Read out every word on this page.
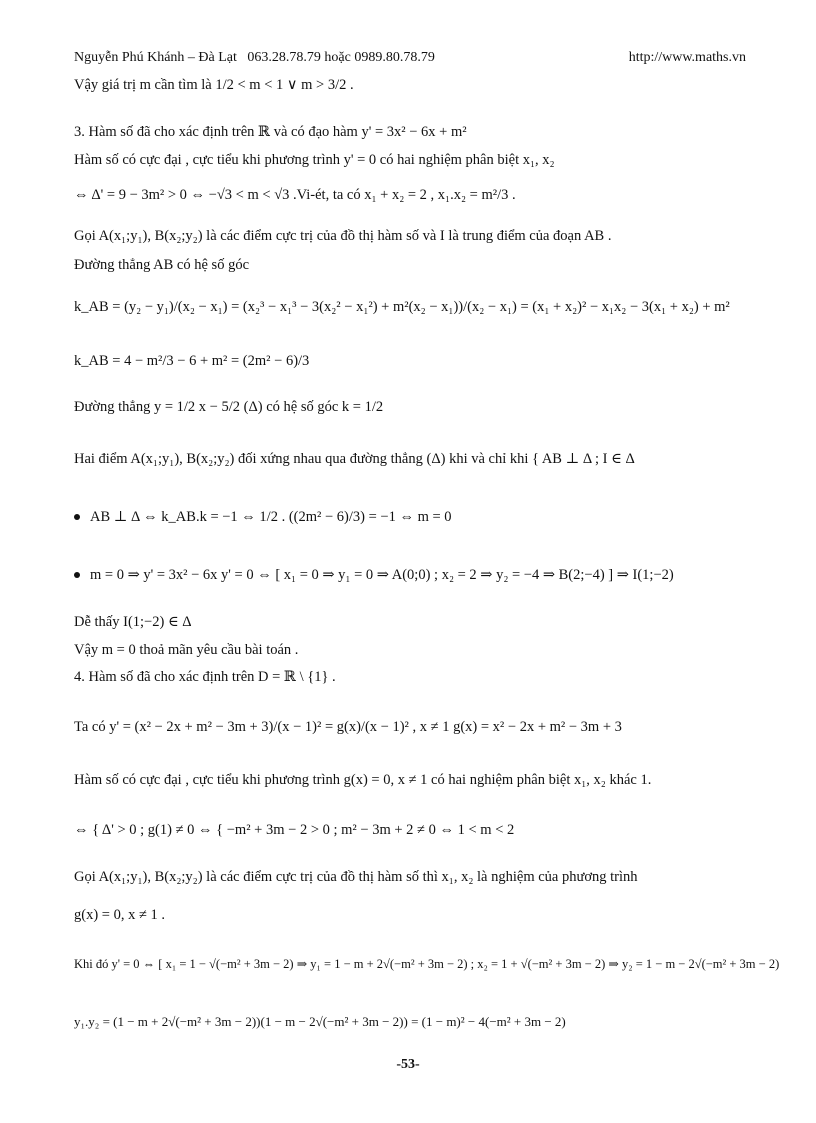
Nguyễn Phú Khánh – Đà Lạt 063.28.78.79 hoặc 0989.80.78.79	http://www.maths.vn
Vậy giá trị m cần tìm là 1/2 < m < 1 ∨ m > 3/2 .
3. Hàm số đã cho xác định trên ℝ và có đạo hàm y' = 3x² − 6x + m²
Hàm số có cực đại , cực tiểu khi phương trình y' = 0 có hai nghiệm phân biệt x₁, x₂
⇔ Δ' = 9 − 3m² > 0 ⇔ −√3 < m < √3 .Vi-ét, ta có x₁ + x₂ = 2 , x₁.x₂ = m²/3 .
Gọi A(x₁;y₁), B(x₂;y₂) là các điểm cực trị của đồ thị hàm số và I là trung điểm của đoạn AB .
Đường thẳng AB có hệ số góc
k_AB = (y₂ − y₁)/(x₂ − x₁) = (x₂³ − x₁³ − 3(x₂² − x₁²) + m²(x₂ − x₁))/(x₂ − x₁) = (x₁ + x₂)² − x₁x₂ − 3(x₁ + x₂) + m²
k_AB = 4 − m²/3 − 6 + m² = (2m² − 6)/3
Đường thẳng y = 1/2 x − 5/2 (Δ) có hệ số góc k = 1/2
Hai điểm A(x₁;y₁), B(x₂;y₂) đối xứng nhau qua đường thẳng (Δ) khi và chỉ khi { AB ⊥ Δ ; I ∈ Δ
AB ⊥ Δ ⇔ k_AB.k = −1 ⇔ 1/2 . ((2m² − 6)/3) = −1 ⇔ m = 0
m = 0 ⇒ y' = 3x² − 6x y' = 0 ⇔ [ x₁ = 0 ⇒ y₁ = 0 ⇒ A(0;0) ; x₂ = 2 ⇒ y₂ = −4 ⇒ B(2;−4) ] ⇒ I(1;−2)
Dễ thấy I(1;−2) ∈ Δ
Vậy m = 0 thoả mãn yêu cầu bài toán .
4. Hàm số đã cho xác định trên D = ℝ \ {1} .
Ta có y' = (x² − 2x + m² − 3m + 3)/(x − 1)² = g(x)/(x − 1)² , x ≠ 1 g(x) = x² − 2x + m² − 3m + 3
Hàm số có cực đại , cực tiểu khi phương trình g(x) = 0, x ≠ 1 có hai nghiệm phân biệt x₁, x₂ khác 1.
⇔ { Δ' > 0 ; g(1) ≠ 0 ⇔ { −m² + 3m − 2 > 0 ; m² − 3m + 2 ≠ 0 ⇔ 1 < m < 2
Gọi A(x₁;y₁), B(x₂;y₂) là các điểm cực trị của đồ thị hàm số thì x₁, x₂ là nghiệm của phương trình
g(x) = 0, x ≠ 1 .
Khi đó y' = 0 ⇔ [ x₁ = 1 − √(−m² + 3m − 2) ⇒ y₁ = 1 − m + 2√(−m² + 3m − 2) ; x₂ = 1 + √(−m² + 3m − 2) ⇒ y₂ = 1 − m − 2√(−m² + 3m − 2)
y₁.y₂ = (1 − m + 2√(−m² + 3m − 2))(1 − m − 2√(−m² + 3m − 2)) = (1 − m)² − 4(−m² + 3m − 2)
-53-
